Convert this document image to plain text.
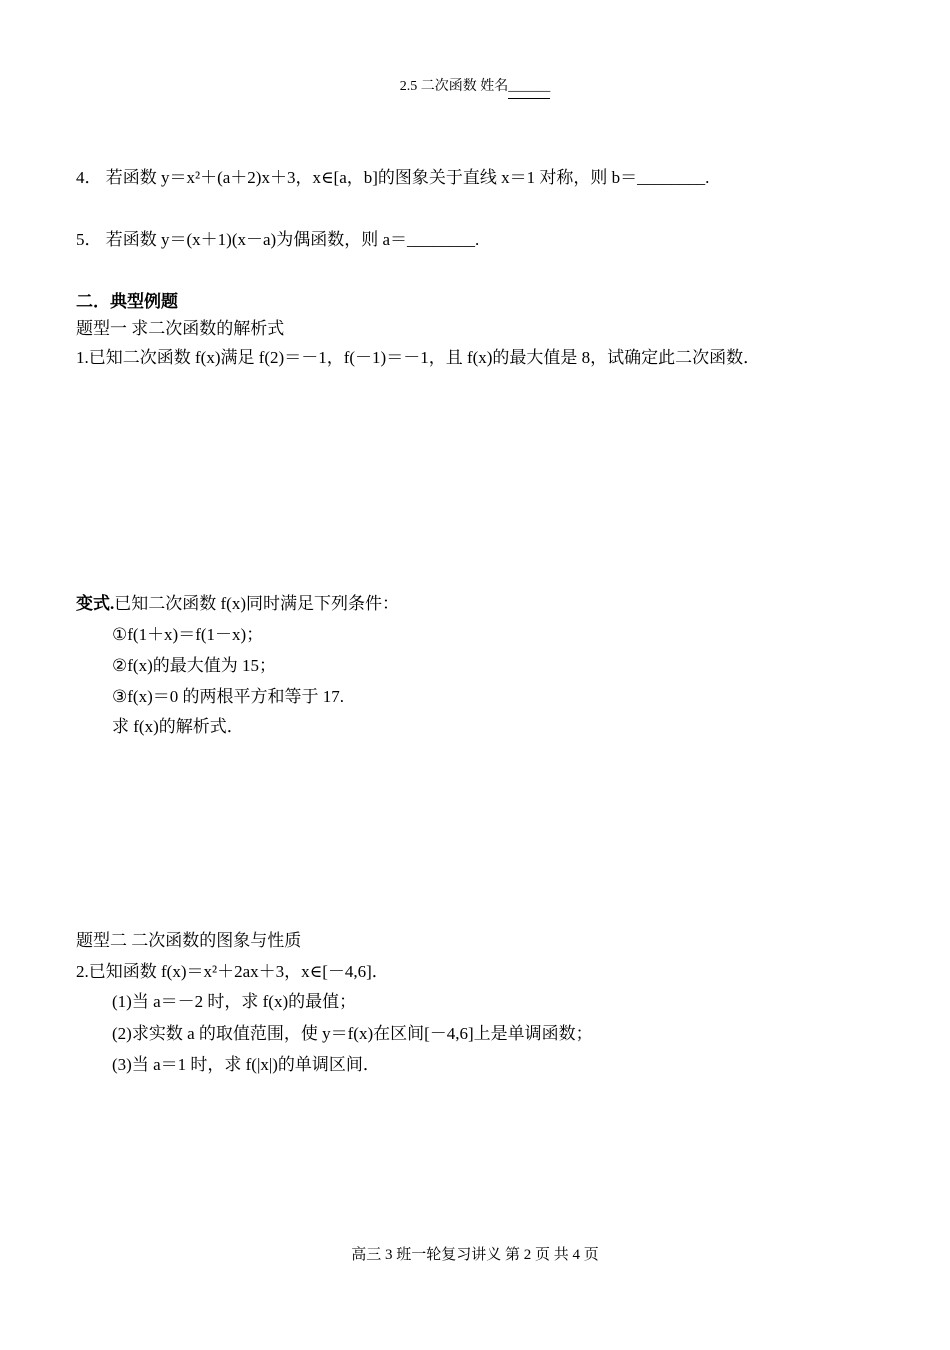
2.5 二次函数 姓名______
4． 若函数 y＝x²＋(a＋2)x＋3，x∈[a，b]的图象关于直线 x＝1 对称，则 b＝________.
5． 若函数 y＝(x＋1)(x－a)为偶函数，则 a＝________.
二．典型例题
题型一 求二次函数的解析式
1.已知二次函数 f(x)满足 f(2)＝－1，f(－1)＝－1，且 f(x)的最大值是 8，试确定此二次函数．
变式.已知二次函数 f(x)同时满足下列条件：
①f(1＋x)＝f(1－x)；
②f(x)的最大值为 15；
③f(x)＝0 的两根平方和等于 17.
求 f(x)的解析式．
题型二 二次函数的图象与性质
2.已知函数 f(x)＝x²＋2ax＋3，x∈[－4,6]．
(1)当 a＝－2 时，求 f(x)的最值；
(2)求实数 a 的取值范围，使 y＝f(x)在区间[－4,6]上是单调函数；
(3)当 a＝1 时，求 f(|x|)的单调区间．
高三 3 班一轮复习讲义 第 2 页 共 4 页
